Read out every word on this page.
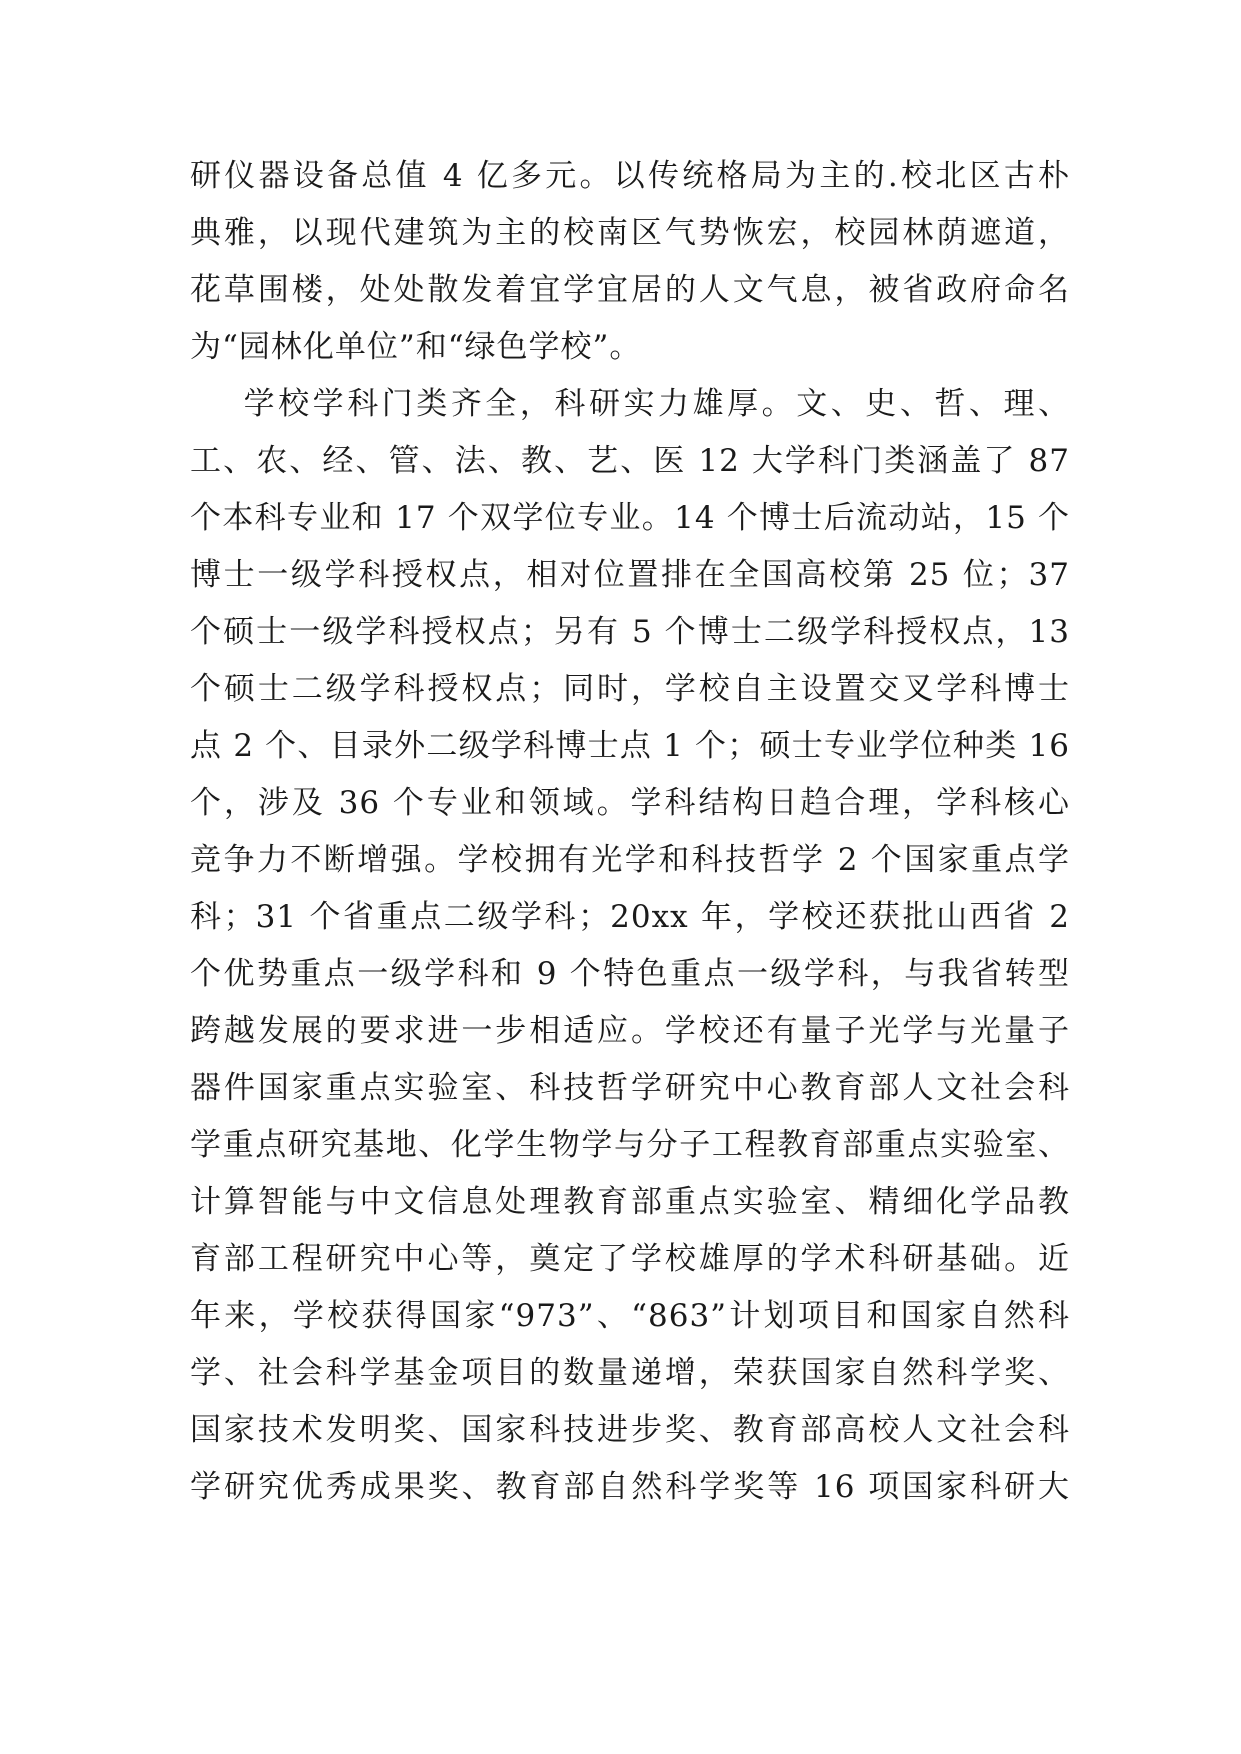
研仪器设备总值 4 亿多元。以传统格局为主的.校北区古朴
典雅，以现代建筑为主的校南区气势恢宏，校园林荫遮道，
花草围楼，处处散发着宜学宜居的人文气息，被省政府命名
为“园林化单位”和“绿色学校”。
学校学科门类齐全，科研实力雄厚。文、史、哲、理、
工、农、经、管、法、教、艺、医 12 大学科门类涵盖了 87
个本科专业和 17 个双学位专业。14 个博士后流动站，15 个
博士一级学科授权点，相对位置排在全国高校第 25 位；37
个硕士一级学科授权点；另有 5 个博士二级学科授权点，13
个硕士二级学科授权点；同时，学校自主设置交叉学科博士
点 2 个、目录外二级学科博士点 1 个；硕士专业学位种类 16
个，涉及 36 个专业和领域。学科结构日趋合理，学科核心
竞争力不断增强。学校拥有光学和科技哲学 2 个国家重点学
科；31 个省重点二级学科；20xx 年，学校还获批山西省 2
个优势重点一级学科和 9 个特色重点一级学科，与我省转型
跨越发展的要求进一步相适应。学校还有量子光学与光量子
器件国家重点实验室、科技哲学研究中心教育部人文社会科
学重点研究基地、化学生物学与分子工程教育部重点实验室、
计算智能与中文信息处理教育部重点实验室、精细化学品教
育部工程研究中心等，奠定了学校雄厚的学术科研基础。近
年来，学校获得国家“973”、“863”计划项目和国家自然科
学、社会科学基金项目的数量递增，荣获国家自然科学奖、
国家技术发明奖、国家科技进步奖、教育部高校人文社会科
学研究优秀成果奖、教育部自然科学奖等 16 项国家科研大
